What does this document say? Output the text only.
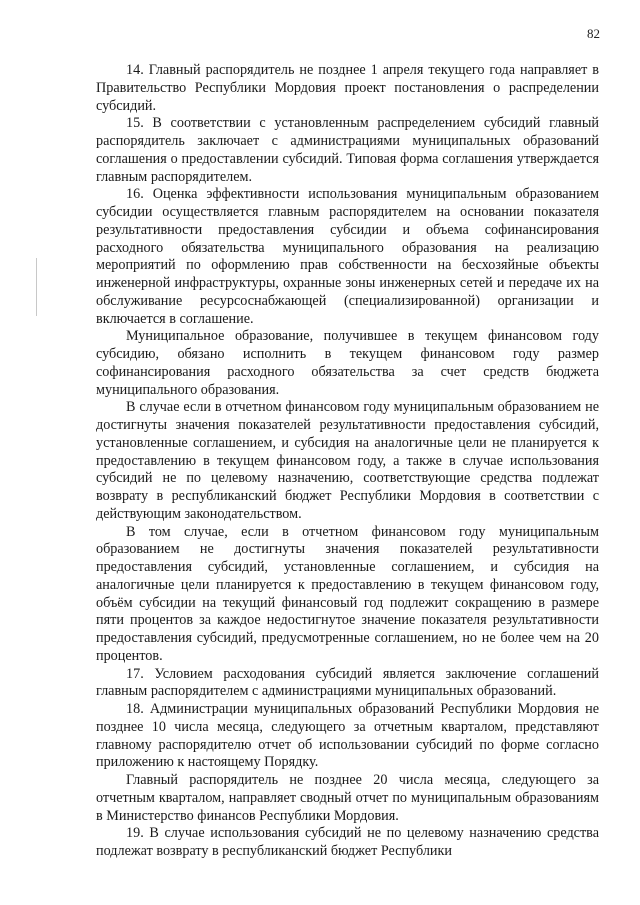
82

14. Главный распорядитель не позднее 1 апреля текущего года направляет в Правительство Республики Мордовия проект постановления о распределении субсидий.

15. В соответствии с установленным распределением субсидий главный распорядитель заключает с администрациями муниципальных образований соглашения о предоставлении субсидий. Типовая форма соглашения утверждается главным распорядителем.

16. Оценка эффективности использования муниципальным образованием субсидии осуществляется главным распорядителем на основании показателя результативности предоставления субсидии и объема софинансирования расходного обязательства муниципального образования на реализацию мероприятий по оформлению прав собственности на бесхозяйные объекты инженерной инфраструктуры, охранные зоны инженерных сетей и передаче их на обслуживание ресурсоснабжающей (специализированной) организации и включается в соглашение.

Муниципальное образование, получившее в текущем финансовом году субсидию, обязано исполнить в текущем финансовом году размер софинансирования расходного обязательства за счет средств бюджета муниципального образования.

В случае если в отчетном финансовом году муниципальным образованием не достигнуты значения показателей результативности предоставления субсидий, установленные соглашением, и субсидия на аналогичные цели не планируется к предоставлению в текущем финансовом году, а также в случае использования субсидий не по целевому назначению, соответствующие средства подлежат возврату в республиканский бюджет Республики Мордовия в соответствии с действующим законодательством.

В том случае, если в отчетном финансовом году муниципальным образованием не достигнуты значения показателей результативности предоставления субсидий, установленные соглашением, и субсидия на аналогичные цели планируется к предоставлению в текущем финансовом году, объём субсидии на текущий финансовый год подлежит сокращению в размере пяти процентов за каждое недостигнутое значение показателя результативности предоставления субсидий, предусмотренные соглашением, но не более чем на 20 процентов.

17. Условием расходования субсидий является заключение соглашений главным распорядителем с администрациями муниципальных образований.

18. Администрации муниципальных образований Республики Мордовия не позднее 10 числа месяца, следующего за отчетным кварталом, представляют главному распорядителю отчет об использовании субсидий по форме согласно приложению к настоящему Порядку.

Главный распорядитель не позднее 20 числа месяца, следующего за отчетным кварталом, направляет сводный отчет по муниципальным образованиям в Министерство финансов Республики Мордовия.

19. В случае использования субсидий не по целевому назначению средства подлежат возврату в республиканский бюджет Республики
